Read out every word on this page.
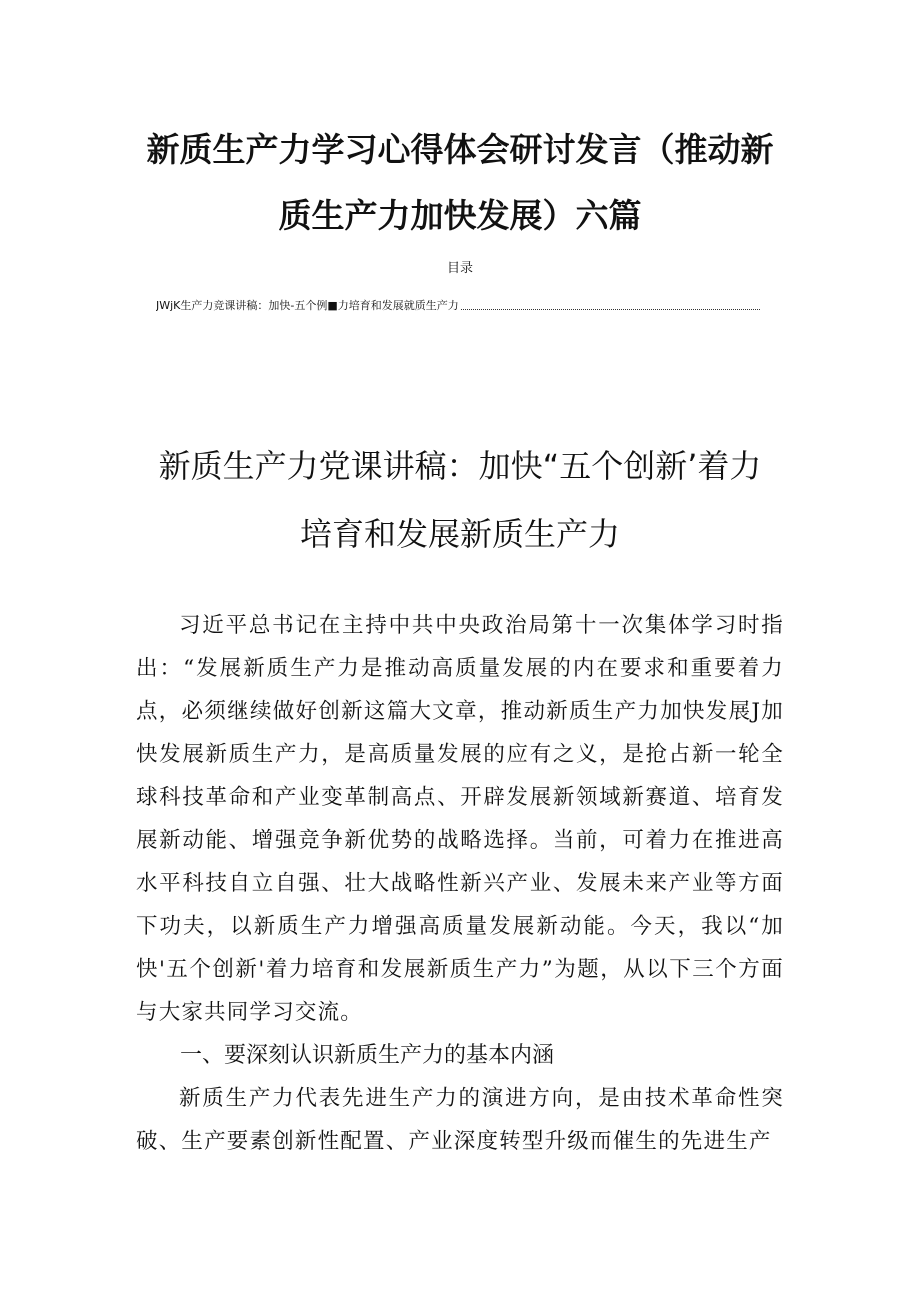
新质生产力学习心得体会研讨发言（推动新
质生产力加快发展）六篇
目录
JWjK生产力竞课讲稿：加快-五个例■力培育和发展就质生产力
新质生产力党课讲稿：加快“五个创新’着力
培育和发展新质生产力

习近平总书记在主持中共中央政治局第十一次集体学习时指出：“发展新质生产力是推动高质量发展的内在要求和重要着力点，必须继续做好创新这篇大文章，推动新质生产力加快发展J加快发展新质生产力，是高质量发展的应有之义，是抢占新一轮全球科技革命和产业变革制高点、开辟发展新领域新赛道、培育发展新动能、增强竞争新优势的战略选择。当前，可着力在推进高水平科技自立自强、壮大战略性新兴产业、发展未来产业等方面下功夫，以新质生产力增强高质量发展新动能。今天，我以“加快'五个创新'着力培育和发展新质生产力”为题，从以下三个方面与大家共同学习交流。

一、要深刻认识新质生产力的基本内涵

新质生产力代表先进生产力的演进方向，是由技术革命性突破、生产要素创新性配置、产业深度转型升级而催生的先进生产
